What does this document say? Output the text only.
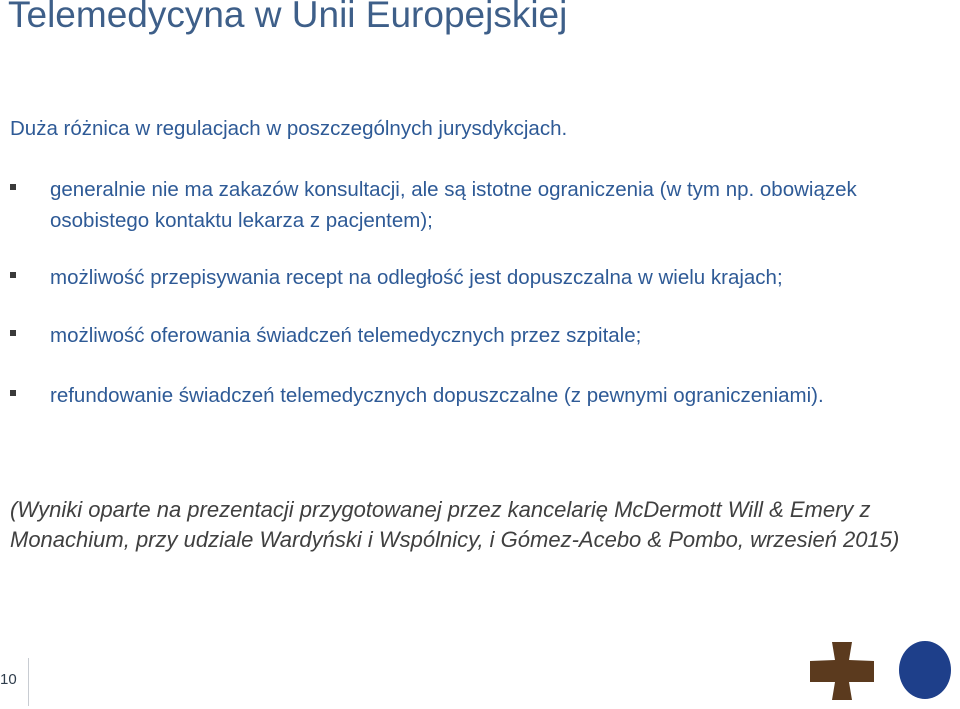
Telemedycyna w Unii Europejskiej
Duża różnica w regulacjach w poszczególnych jurysdykcjach.
generalnie nie ma zakazów konsultacji, ale są istotne ograniczenia (w tym np. obowiązek osobistego kontaktu lekarza z pacjentem);
możliwość przepisywania recept na odległość jest dopuszczalna w wielu krajach;
możliwość oferowania świadczeń telemedycznych przez szpitale;
refundowanie świadczeń telemedycznych dopuszczalne (z pewnymi ograniczeniami).
(Wyniki oparte na prezentacji przygotowanej przez kancelarię McDermott Will & Emery z Monachium, przy udziale Wardyński i Wspólnicy, i Gómez-Acebo & Pombo, wrzesień 2015)
10
